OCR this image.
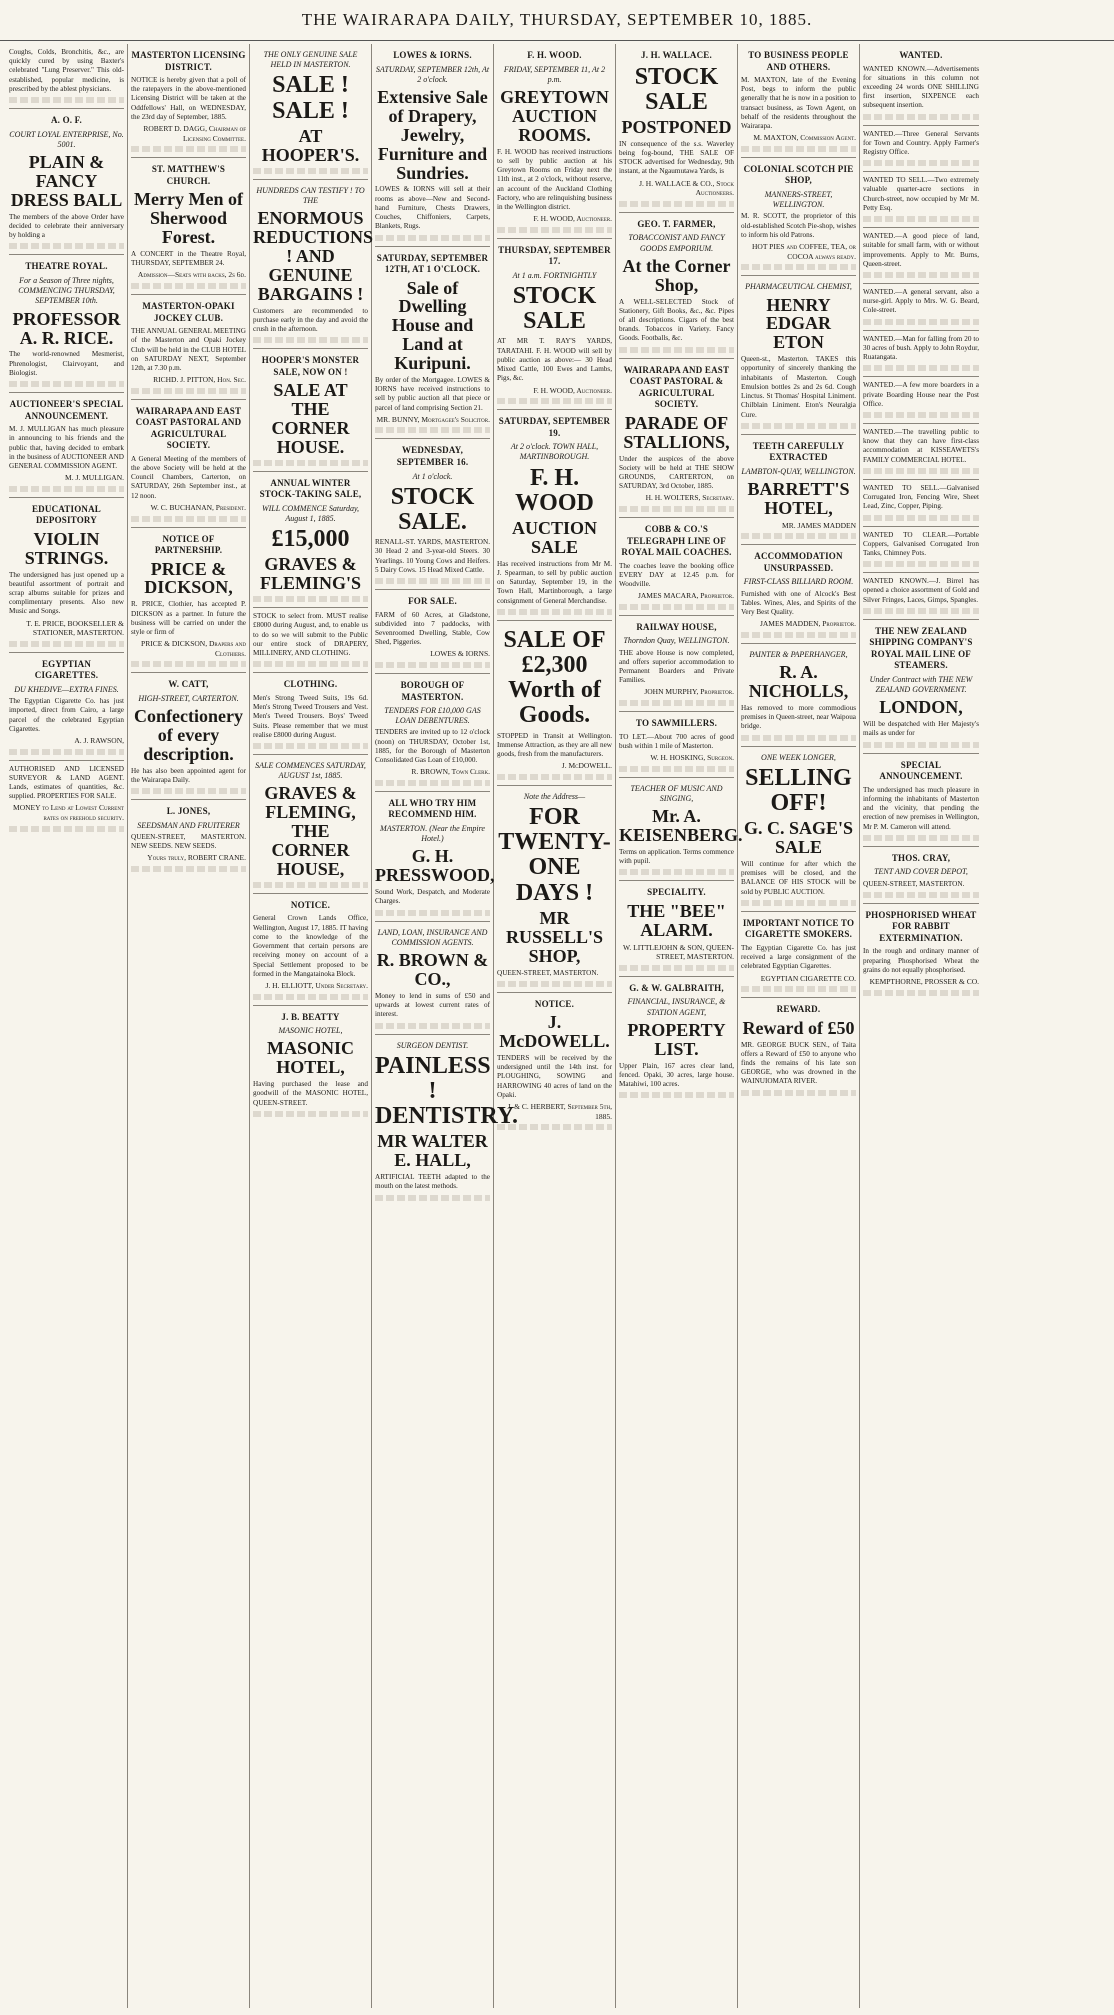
THE WAIRARAPA DAILY, THURSDAY, SEPTEMBER 10, 1885.
Coughs, Colds, Bronchitis, &c., are quickly cured by using Baxter's celebrated "Lung Preserver." This old-established, popular medicine, is prescribed by the ablest physicians.
A. O. F.
COURT LOYAL ENTERPRISE, No. 5001.
PLAIN & FANCY DRESS BALL
The members of the above Order have decided to celebrate their anniversary by holding a
THEATRE ROYAL.
For a Season of Three nights, COMMENCING THURSDAY, SEPTEMBER 10th.
PROFESSOR A. R. RICE.
The world-renowned Mesmerist, Phrenologist, Clairvoyant, and Biologist.
AUCTIONEER'S SPECIAL ANNOUNCEMENT.
M. J. MULLIGAN has much pleasure in announcing to his friends and the public that, having decided to embark in the business of AUCTIONEER AND GENERAL COMMISSION AGENT.
M. J. MULLIGAN.
EDUCATIONAL DEPOSITORY
VIOLIN STRINGS.
The undersigned has just opened up a beautiful assortment of portrait and scrap albums suitable for prizes and complimentary presents. Also new Music and Songs.
T. E. PRICE, BOOKSELLER & STATIONER, MASTERTON.
EGYPTIAN CIGARETTES.
DU KHEDIVE—EXTRA FINES.
The Egyptian Cigarette Co. has just imported, direct from Cairo, a large parcel of the celebrated Egyptian Cigarettes.
A. J. RAWSON,
AUTHORISED AND LICENSED SURVEYOR & LAND AGENT. Lands, estimates of quantities, &c. supplied. PROPERTIES FOR SALE.
MONEY to Lend at Lowest Current rates on freehold security.
MASTERTON LICENSING DISTRICT.
NOTICE is hereby given that a poll of the ratepayers in the above-mentioned Licensing District will be taken at the Oddfellows' Hall, on WEDNESDAY, the 23rd day of September, 1885.
ROBERT D. DAGG, Chairman of Licensing Committee.
ST. MATTHEW'S CHURCH.
Merry Men of Sherwood Forest.
A CONCERT in the Theatre Royal, THURSDAY, SEPTEMBER 24.
Admission—Seats with backs, 2s 6d.
MASTERTON-OPAKI JOCKEY CLUB.
THE ANNUAL GENERAL MEETING of the Masterton and Opaki Jockey Club will be held in the CLUB HOTEL on SATURDAY NEXT, September 12th, at 7.30 p.m.
RICHD. J. PITTON, Hon. Sec.
WAIRARAPA AND EAST COAST PASTORAL AND AGRICULTURAL SOCIETY.
A General Meeting of the members of the above Society will be held at the Council Chambers, Carterton, on SATURDAY, 26th September inst., at 12 noon.
W. C. BUCHANAN, President.
NOTICE OF PARTNERSHIP.
PRICE & DICKSON,
R. PRICE, Clothier, has accepted P. DICKSON as a partner. In future the business will be carried on under the style or firm of
PRICE & DICKSON, Drapers and Clothiers.
W. CATT,
HIGH-STREET, CARTERTON.
Confectionery of every description.
He has also been appointed agent for the Wairarapa Daily.
L. JONES,
SEEDSMAN AND FRUITERER
QUEEN-STREET, MASTERTON. NEW SEEDS. NEW SEEDS.
Yours truly, ROBERT CRANE.
THE ONLY GENUINE SALE HELD IN MASTERTON.
SALE ! SALE !
AT HOOPER'S.
HUNDREDS CAN TESTIFY ! TO THE
ENORMOUS REDUCTIONS ! AND GENUINE BARGAINS !
Customers are recommended to purchase early in the day and avoid the crush in the afternoon.
HOOPER'S MONSTER SALE, NOW ON !
SALE AT THE CORNER HOUSE.
ANNUAL WINTER STOCK-TAKING SALE,
WILL COMMENCE Saturday, August 1, 1885.
£15,000
GRAVES & FLEMING'S
STOCK to select from. MUST realise £8000 during August, and, to enable us to do so we will submit to the Public our entire stock of DRAPERY, MILLINERY, AND CLOTHING.
CLOTHING.
Men's Strong Tweed Suits, 19s 6d. Men's Strong Tweed Trousers and Vest. Men's Tweed Trousers. Boys' Tweed Suits. Please remember that we must realise £8000 during August.
SALE COMMENCES SATURDAY, AUGUST 1st, 1885.
GRAVES & FLEMING, THE CORNER HOUSE,
NOTICE.
General Crown Lands Office, Wellington, August 17, 1885. IT having come to the knowledge of the Government that certain persons are receiving money on account of a Special Settlement proposed to be formed in the Mangatainoka Block.
J. H. ELLIOTT, Under Secretary.
J. B. BEATTY
MASONIC HOTEL,
MASONIC HOTEL,
Having purchased the lease and goodwill of the MASONIC HOTEL, QUEEN-STREET.
LOWES & IORNS.
SATURDAY, SEPTEMBER 12th, At 2 o'clock.
Extensive Sale of Drapery, Jewelry, Furniture and Sundries.
LOWES & IORNS will sell at their rooms as above—New and Second-hand Furniture, Chests Drawers, Couches, Chiffoniers, Carpets, Blankets, Rugs.
SATURDAY, SEPTEMBER 12TH, AT 1 O'CLOCK.
Sale of Dwelling House and Land at Kuripuni.
By order of the Mortgagee. LOWES & IORNS have received instructions to sell by public auction all that piece or parcel of land comprising Section 21.
MR. BUNNY, Mortgagee's Solicitor.
WEDNESDAY, SEPTEMBER 16.
At 1 o'clock.
STOCK SALE.
RENALL-ST. YARDS, MASTERTON. 30 Head 2 and 3-year-old Steers. 30 Yearlings. 10 Young Cows and Heifers. 5 Dairy Cows. 15 Head Mixed Cattle.
FOR SALE.
FARM of 60 Acres, at Gladstone, subdivided into 7 paddocks, with Sevenroomed Dwelling, Stable, Cow Shed, Piggeries.
LOWES & IORNS.
BOROUGH OF MASTERTON.
TENDERS FOR £10,000 GAS LOAN DEBENTURES.
TENDERS are invited up to 12 o'clock (noon) on THURSDAY, October 1st, 1885, for the Borough of Masterton Consolidated Gas Loan of £10,000.
R. BROWN, Town Clerk.
ALL WHO TRY HIM RECOMMEND HIM.
MASTERTON. (Near the Empire Hotel.)
G. H. PRESSWOOD,
Sound Work, Despatch, and Moderate Charges.
LAND, LOAN, INSURANCE AND COMMISSION AGENTS.
R. BROWN & CO.,
Money to lend in sums of £50 and upwards at lowest current rates of interest.
SURGEON DENTIST.
PAINLESS ! DENTISTRY.
MR WALTER E. HALL,
ARTIFICIAL TEETH adapted to the mouth on the latest methods.
F. H. WOOD.
FRIDAY, SEPTEMBER 11, At 2 p.m.
GREYTOWN AUCTION ROOMS.
F. H. WOOD has received instructions to sell by public auction at his Greytown Rooms on Friday next the 11th inst., at 2 o'clock, without reserve, an account of the Auckland Clothing Factory, who are relinquishing business in the Wellington district.
F. H. WOOD, Auctioneer.
THURSDAY, SEPTEMBER 17.
At 1 a.m. FORTNIGHTLY
STOCK SALE
AT MR T. RAY'S YARDS, TARATAHI. F. H. WOOD will sell by public auction as above:— 30 Head Mixed Cattle, 100 Ewes and Lambs, Pigs, &c.
F. H. WOOD, Auctioneer.
SATURDAY, SEPTEMBER 19.
At 2 o'clock. TOWN HALL, MARTINBOROUGH.
F. H. WOOD
AUCTION SALE
Has received instructions from Mr M. J. Spearman, to sell by public auction on Saturday, September 19, in the Town Hall, Martinborough, a large consignment of General Merchandise.
SALE OF £2,300 Worth of Goods.
STOPPED in Transit at Wellington. Immense Attraction, as they are all new goods, fresh from the manufacturers.
J. McDOWELL.
Note the Address—
FOR TWENTY-ONE DAYS !
MR RUSSELL'S SHOP,
QUEEN-STREET, MASTERTON.
NOTICE.
J. McDOWELL.
TENDERS will be received by the undersigned until the 14th inst. for PLOUGHING, SOWING and HARROWING 40 acres of land on the Opaki.
J. & C. HERBERT, September 5th, 1885.
J. H. WALLACE.
STOCK SALE
POSTPONED
IN consequence of the s.s. Waverley being fog-bound, THE SALE OF STOCK advertised for Wednesday, 9th instant, at the Ngaumutawa Yards, is
J. H. WALLACE & CO., Stock Auctioneers.
GEO. T. FARMER,
TOBACCONIST AND FANCY GOODS EMPORIUM.
At the Corner Shop,
A WELL-SELECTED Stock of Stationery, Gift Books, &c., &c. Pipes of all descriptions. Cigars of the best brands. Tobaccos in Variety. Fancy Goods. Footballs, &c.
WAIRARAPA AND EAST COAST PASTORAL & AGRICULTURAL SOCIETY.
PARADE OF STALLIONS,
Under the auspices of the above Society will be held at THE SHOW GROUNDS, CARTERTON, on SATURDAY, 3rd October, 1885.
H. H. WOLTERS, Secretary.
COBB & CO.'S TELEGRAPH LINE OF ROYAL MAIL COACHES.
The coaches leave the booking office EVERY DAY at 12.45 p.m. for Woodville.
JAMES MACARA, Proprietor.
RAILWAY HOUSE,
Thorndon Quay, WELLINGTON.
THE above House is now completed, and offers superior accommodation to Permanent Boarders and Private Families.
JOHN MURPHY, Proprietor.
TO SAWMILLERS.
TO LET.—About 700 acres of good bush within 1 mile of Masterton.
W. H. HOSKING, Surgeon.
TEACHER OF MUSIC AND SINGING,
Mr. A. KEISENBERG.
Terms on application. Terms commence with pupil.
SPECIALITY.
THE "BEE" ALARM.
W. LITTLEJOHN & SON, QUEEN-STREET, MASTERTON.
G. & W. GALBRAITH,
FINANCIAL, INSURANCE, & STATION AGENT,
PROPERTY LIST.
Upper Plain, 167 acres clear land, fenced. Opaki, 30 acres, large house. Matahiwi, 100 acres.
TO BUSINESS PEOPLE AND OTHERS.
M. MAXTON, late of the Evening Post, begs to inform the public generally that he is now in a position to transact business, as Town Agent, on behalf of the residents throughout the Wairarapa.
M. MAXTON, Commission Agent.
COLONIAL SCOTCH PIE SHOP,
MANNERS-STREET, WELLINGTON.
M. R. SCOTT, the proprietor of this old-established Scotch Pie-shop, wishes to inform his old Patrons.
HOT PIES and COFFEE, TEA, or COCOA always ready.
PHARMACEUTICAL CHEMIST,
HENRY EDGAR ETON
Queen-st., Masterton. TAKES this opportunity of sincerely thanking the inhabitants of Masterton. Cough Emulsion bottles 2s and 2s 6d. Cough Linctus. St Thomas' Hospital Liniment. Chilblain Liniment. Eton's Neuralgia Cure.
TEETH CAREFULLY EXTRACTED
LAMBTON-QUAY, WELLINGTON.
BARRETT'S HOTEL,
MR. JAMES MADDEN
ACCOMMODATION UNSURPASSED.
FIRST-CLASS BILLIARD ROOM.
Furnished with one of Alcock's Best Tables. Wines, Ales, and Spirits of the Very Best Quality.
JAMES MADDEN, Proprietor.
PAINTER & PAPERHANGER,
R. A. NICHOLLS,
Has removed to more commodious premises in Queen-street, near Waipoua bridge.
ONE WEEK LONGER,
SELLING OFF!
G. C. SAGE'S SALE
Will continue for after which the premises will be closed, and the BALANCE OF HIS STOCK will be sold by PUBLIC AUCTION.
IMPORTANT NOTICE TO CIGARETTE SMOKERS.
The Egyptian Cigarette Co. has just received a large consignment of the celebrated Egyptian Cigarettes.
EGYPTIAN CIGARETTE CO.
REWARD.
Reward of £50
MR. GEORGE BUCK SEN., of Taita offers a Reward of £50 to anyone who finds the remains of his late son GEORGE, who was drowned in the WAINUIOMATA RIVER.
WANTED.
WANTED KNOWN.—Advertisements for situations in this column not exceeding 24 words ONE SHILLING first insertion, SIXPENCE each subsequent insertion.
WANTED.—Three General Servants for Town and Country. Apply Farmer's Registry Office.
WANTED TO SELL.—Two extremely valuable quarter-acre sections in Church-street, now occupied by Mr M. Petty Esq.
WANTED.—A good piece of land, suitable for small farm, with or without improvements. Apply to Mr. Burns, Queen-street.
WANTED.—A general servant, also a nurse-girl. Apply to Mrs. W. G. Beard, Cole-street.
WANTED.—Man for falling from 20 to 30 acres of bush. Apply to John Roydur, Ruatangata.
WANTED.—A few more boarders in a private Boarding House near the Post Office.
WANTED.—The travelling public to know that they can have first-class accommodation at KISSEAWETS's FAMILY COMMERCIAL HOTEL.
WANTED TO SELL.—Galvanised Corrugated Iron, Fencing Wire, Sheet Lead, Zinc, Copper, Piping.
WANTED TO CLEAR.—Portable Coppers, Galvanised Corrugated Iron Tanks, Chimney Pots.
WANTED KNOWN.—J. Birrel has opened a choice assortment of Gold and Silver Fringes, Laces, Gimps, Spangles.
THE NEW ZEALAND SHIPPING COMPANY'S ROYAL MAIL LINE OF STEAMERS.
Under Contract with THE NEW ZEALAND GOVERNMENT.
LONDON,
Will be despatched with Her Majesty's mails as under for
SPECIAL ANNOUNCEMENT.
The undersigned has much pleasure in informing the inhabitants of Masterton and the vicinity, that pending the erection of new premises in Wellington, Mr P. M. Cameron will attend.
THOS. CRAY,
TENT AND COVER DEPOT,
QUEEN-STREET, MASTERTON.
PHOSPHORISED WHEAT FOR RABBIT EXTERMINATION.
In the rough and ordinary manner of preparing Phosphorised Wheat the grains do not equally phosphorised.
KEMPTHORNE, PROSSER & CO.
